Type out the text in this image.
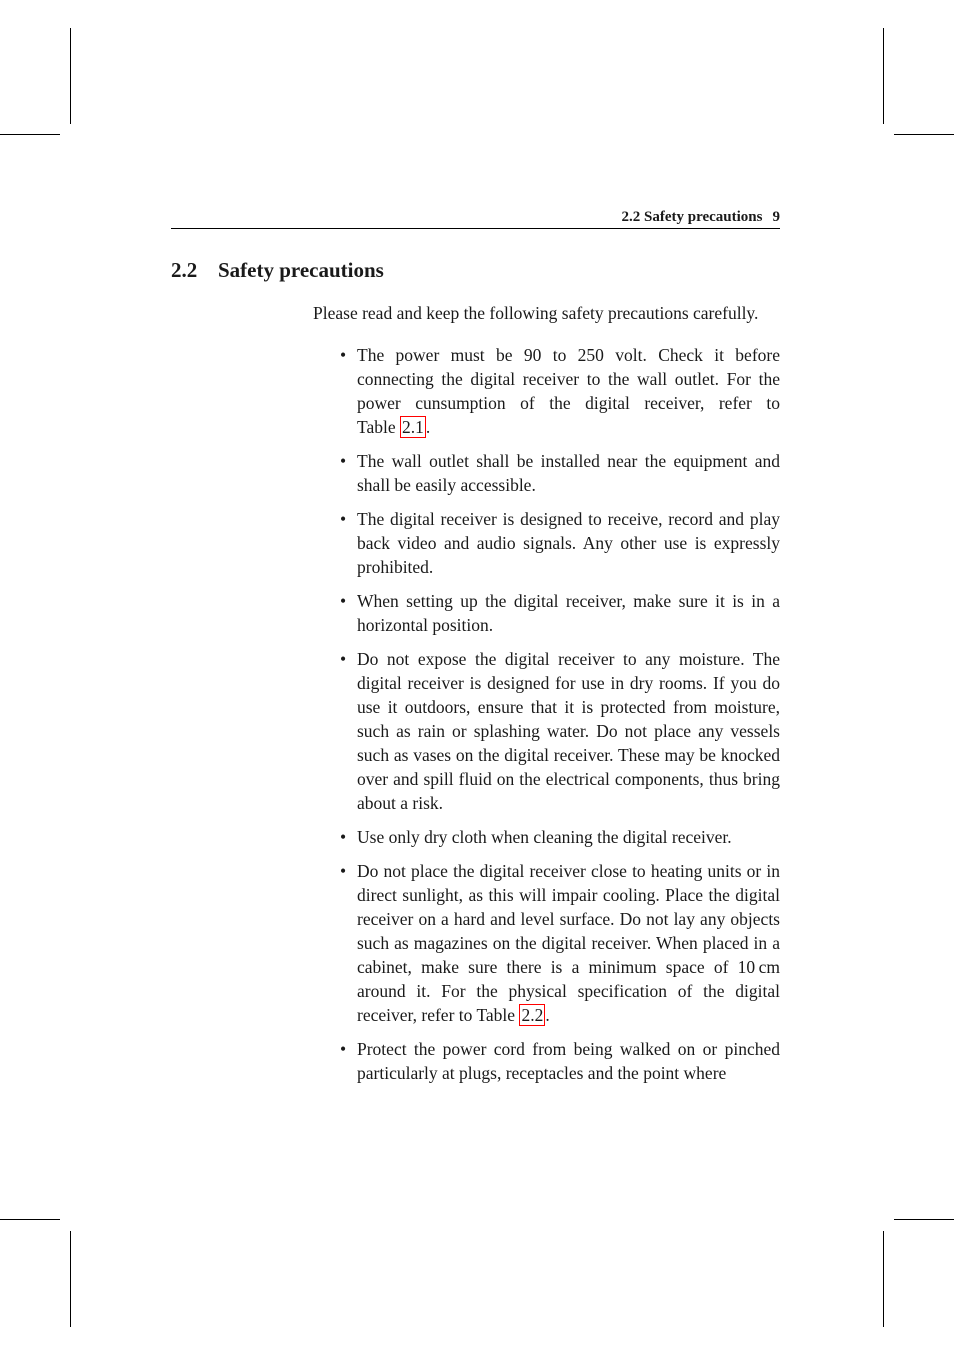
2.2 Safety precautions 9
2.2 Safety precautions

Please read and keep the following safety precautions carefully.

• The power must be 90 to 250 volt. Check it before connecting the digital receiver to the wall outlet. For the power cunsumption of the digital receiver, refer to Table 2.1 .
• The wall outlet shall be installed near the equipment and shall be easily accessible.
• The digital receiver is designed to receive, record and play back video and audio signals. Any other use is expressly prohibited.
• When setting up the digital receiver, make sure it is in a horizontal position.
• Do not expose the digital receiver to any moisture. The digital receiver is designed for use in dry rooms. If you do use it outdoors, ensure that it is protected from moisture, such as rain or splashing water. Do not place any vessels such as vases on the digital receiver. These may be knocked over and spill fluid on the electrical components, thus bring about a risk.
• Use only dry cloth when cleaning the digital receiver.
• Do not place the digital receiver close to heating units or in direct sunlight, as this will impair cooling. Place the digital receiver on a hard and level surface. Do not lay any objects such as magazines on the digital receiver. When placed in a cabinet, make sure there is a minimum space of 10 cm around it. For the physical specification of the digital receiver, refer to Table 2.2 .
• Protect the power cord from being walked on or pinched particularly at plugs, receptacles and the point where
